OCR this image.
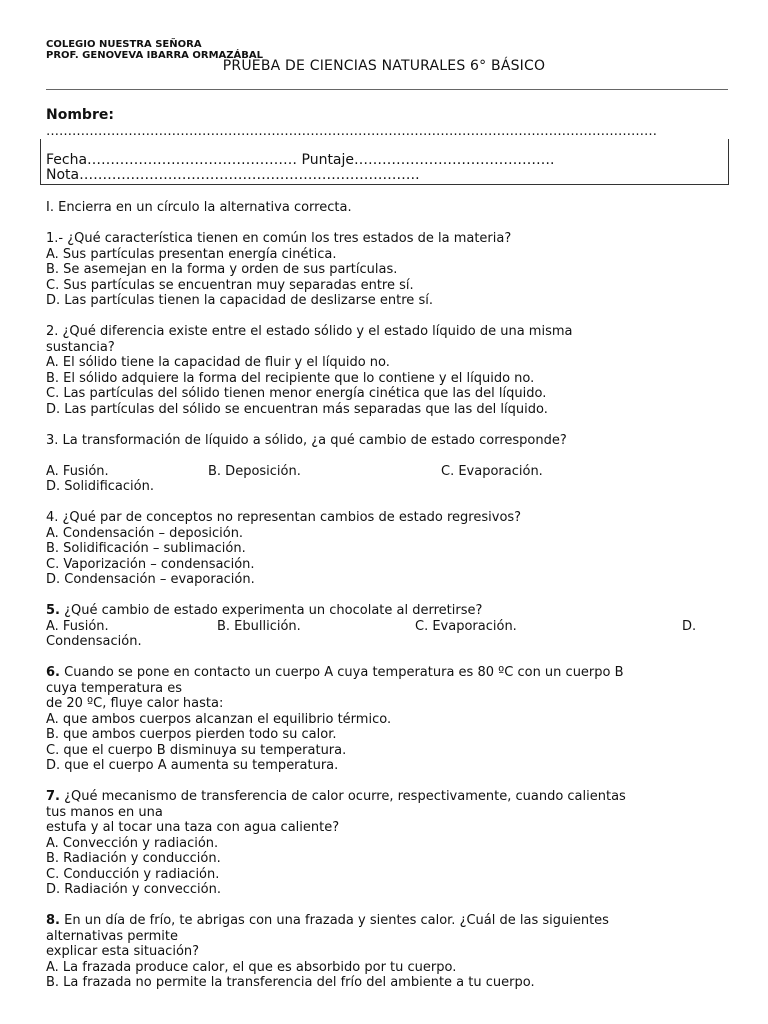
COLEGIO NUESTRA SEÑORA
PROF. GENOVEVA IBARRA ORMAZÁBAL
PRUEBA DE CIENCIAS NATURALES 6° BÁSICO
Nombre:
……………………………………………………………………………………………………………………………
Fecha……………………………………… Puntaje…………………………………….
Nota……………………………………………………………….

I. Encierra en un círculo la alternativa correcta.

1.- ¿Qué característica tienen en común los tres estados de la materia?

A. Sus partículas presentan energía cinética.

B. Se asemejan en la forma y orden de sus partículas.

C. Sus partículas se encuentran muy separadas entre sí.

D. Las partículas tienen la capacidad de deslizarse entre sí.

2. ¿Qué diferencia existe entre el estado sólido y el estado líquido de una misma

sustancia?

A. El sólido tiene la capacidad de fluir y el líquido no.

B. El sólido adquiere la forma del recipiente que lo contiene y el líquido no.

C. Las partículas del sólido tienen menor energía cinética que las del líquido.

D. Las partículas del sólido se encuentran más separadas que las del líquido.

3. La transformación de líquido a sólido, ¿a qué cambio de estado corresponde?

A. Fusión.	B. Deposición.	C. Evaporación.

D. Solidificación.

4. ¿Qué par de conceptos no representan cambios de estado regresivos?

A. Condensación – deposición.

B. Solidificación – sublimación.

C. Vaporización – condensación.

D. Condensación – evaporación.

5. ¿Qué cambio de estado experimenta un chocolate al derretirse?

A. Fusión.	B. Ebullición.	C. Evaporación.	D.

Condensación.

6. Cuando se pone en contacto un cuerpo A cuya temperatura es 80 ºC con un cuerpo B

cuya temperatura es

de 20 ºC, fluye calor hasta:

A. que ambos cuerpos alcanzan el equilibrio térmico.

B. que ambos cuerpos pierden todo su calor.

C. que el cuerpo B disminuya su temperatura.

D. que el cuerpo A aumenta su temperatura.

7. ¿Qué mecanismo de transferencia de calor ocurre, respectivamente, cuando calientas

tus manos en una

estufa y al tocar una taza con agua caliente?

A. Convección y radiación.

B. Radiación y conducción.

C. Conducción y radiación.

D. Radiación y convección.

8. En un día de frío, te abrigas con una frazada y sientes calor. ¿Cuál de las siguientes

alternativas permite

explicar esta situación?

A. La frazada produce calor, el que es absorbido por tu cuerpo.

B. La frazada no permite la transferencia del frío del ambiente a tu cuerpo.
